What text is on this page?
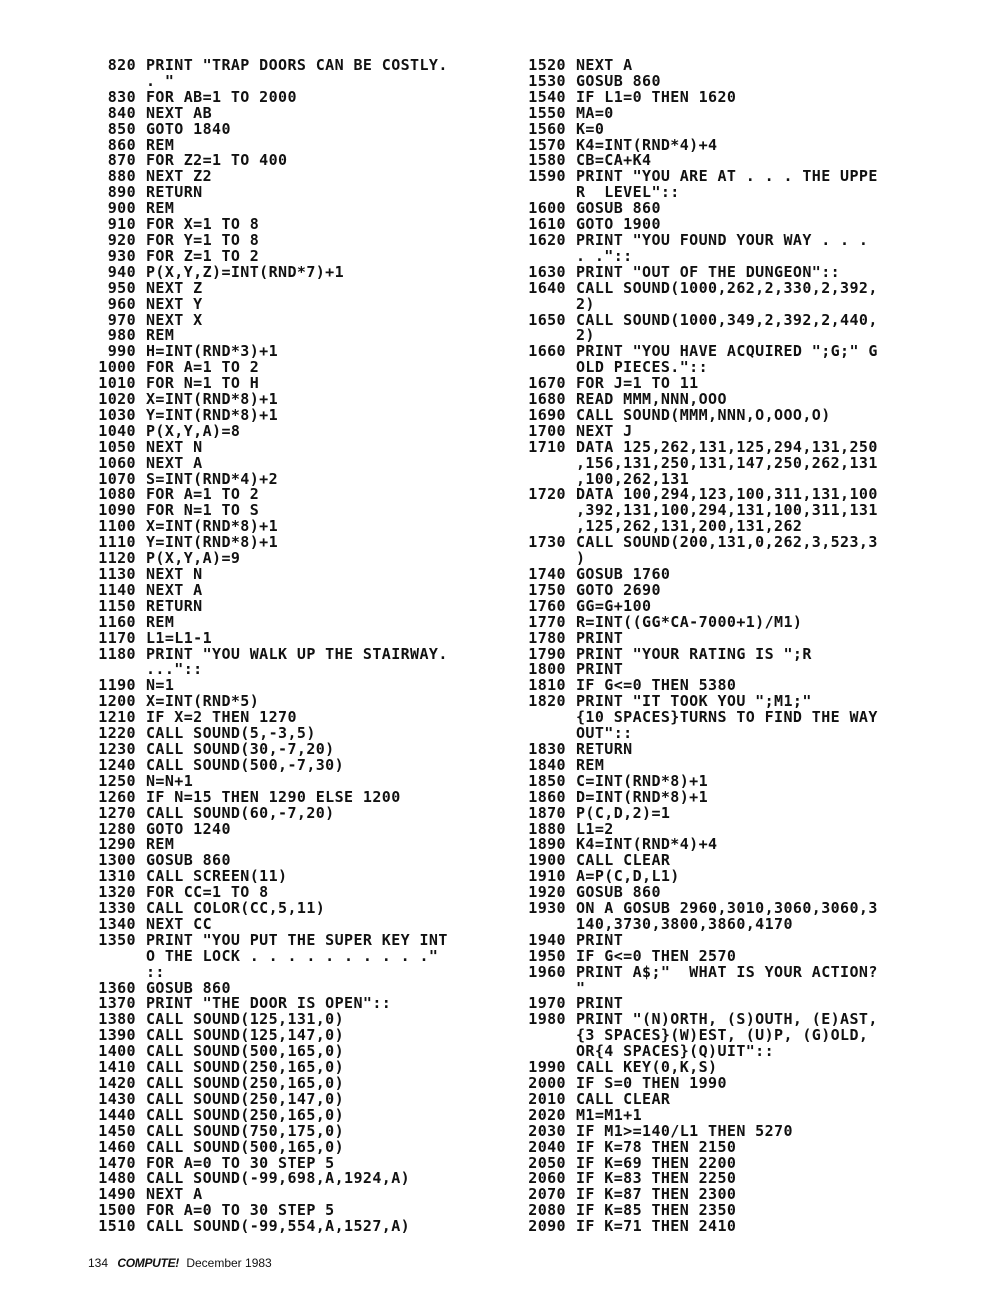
820 PRINT "TRAP DOORS CAN BE COSTLY.
. "
830 FOR AB=1 TO 2000
840 NEXT AB
850 GOTO 1840
860 REM
870 FOR Z2=1 TO 400
880 NEXT Z2
890 RETURN
900 REM
910 FOR X=1 TO 8
920 FOR Y=1 TO 8
930 FOR Z=1 TO 2
940 P(X,Y,Z)=INT(RND*7)+1
950 NEXT Z
960 NEXT Y
970 NEXT X
980 REM
990 H=INT(RND*3)+1
1000 FOR A=1 TO 2
1010 FOR N=1 TO H
1020 X=INT(RND*8)+1
1030 Y=INT(RND*8)+1
1040 P(X,Y,A)=8
1050 NEXT N
1060 NEXT A
1070 S=INT(RND*4)+2
1080 FOR A=1 TO 2
1090 FOR N=1 TO S
1100 X=INT(RND*8)+1
1110 Y=INT(RND*8)+1
1120 P(X,Y,A)=9
1130 NEXT N
1140 NEXT A
1150 RETURN
1160 REM
1170 L1=L1-1
1180 PRINT "YOU WALK UP THE STAIRWAY.
..."::
1190 N=1
1200 X=INT(RND*5)
1210 IF X=2 THEN 1270
1220 CALL SOUND(5,-3,5)
1230 CALL SOUND(30,-7,20)
1240 CALL SOUND(500,-7,30)
1250 N=N+1
1260 IF N=15 THEN 1290 ELSE 1200
1270 CALL SOUND(60,-7,20)
1280 GOTO 1240
1290 REM
1300 GOSUB 860
1310 CALL SCREEN(11)
1320 FOR CC=1 TO 8
1330 CALL COLOR(CC,5,11)
1340 NEXT CC
1350 PRINT "YOU PUT THE SUPER KEY INT
O THE LOCK . . . . . . . . . ."
::
1360 GOSUB 860
1370 PRINT "THE DOOR IS OPEN"::
1380 CALL SOUND(125,131,0)
1390 CALL SOUND(125,147,0)
1400 CALL SOUND(500,165,0)
1410 CALL SOUND(250,165,0)
1420 CALL SOUND(250,165,0)
1430 CALL SOUND(250,147,0)
1440 CALL SOUND(250,165,0)
1450 CALL SOUND(750,175,0)
1460 CALL SOUND(500,165,0)
1470 FOR A=0 TO 30 STEP 5
1480 CALL SOUND(-99,698,A,1924,A)
1490 NEXT A
1500 FOR A=0 TO 30 STEP 5
1510 CALL SOUND(-99,554,A,1527,A)
1520 NEXT A
1530 GOSUB 860
1540 IF L1=0 THEN 1620
1550 MA=0
1560 K=0
1570 K4=INT(RND*4)+4
1580 CB=CA+K4
1590 PRINT "YOU ARE AT . . . THE UPPE
R  LEVEL"::
1600 GOSUB 860
1610 GOTO 1900
1620 PRINT "YOU FOUND YOUR WAY . . .
. ."::
1630 PRINT "OUT OF THE DUNGEON"::
1640 CALL SOUND(1000,262,2,330,2,392,
2)
1650 CALL SOUND(1000,349,2,392,2,440,
2)
1660 PRINT "YOU HAVE ACQUIRED ";G;" G
OLD PIECES."::
1670 FOR J=1 TO 11
1680 READ MMM,NNN,OOO
1690 CALL SOUND(MMM,NNN,O,OOO,O)
1700 NEXT J
1710 DATA 125,262,131,125,294,131,250
,156,131,250,131,147,250,262,131
,100,262,131
1720 DATA 100,294,123,100,311,131,100
,392,131,100,294,131,100,311,131
,125,262,131,200,131,262
1730 CALL SOUND(200,131,0,262,3,523,3
)
1740 GOSUB 1760
1750 GOTO 2690
1760 GG=G+100
1770 R=INT((GG*CA-7000+1)/M1)
1780 PRINT
1790 PRINT "YOUR RATING IS ";R
1800 PRINT
1810 IF G<=0 THEN 5380
1820 PRINT "IT TOOK YOU ";M1;"
{10 SPACES}TURNS TO FIND THE WAY
OUT"::
1830 RETURN
1840 REM
1850 C=INT(RND*8)+1
1860 D=INT(RND*8)+1
1870 P(C,D,2)=1
1880 L1=2
1890 K4=INT(RND*4)+4
1900 CALL CLEAR
1910 A=P(C,D,L1)
1920 GOSUB 860
1930 ON A GOSUB 2960,3010,3060,3060,3
140,3730,3800,3860,4170
1940 PRINT
1950 IF G<=0 THEN 2570
1960 PRINT A$;"  WHAT IS YOUR ACTION?
"
1970 PRINT
1980 PRINT "(N)ORTH, (S)OUTH, (E)AST,
{3 SPACES}(W)EST, (U)P, (G)OLD,
OR{4 SPACES}(Q)UIT"::
1990 CALL KEY(0,K,S)
2000 IF S=0 THEN 1990
2010 CALL CLEAR
2020 M1=M1+1
2030 IF M1>=140/L1 THEN 5270
2040 IF K=78 THEN 2150
2050 IF K=69 THEN 2200
2060 IF K=83 THEN 2250
2070 IF K=87 THEN 2300
2080 IF K=85 THEN 2350
2090 IF K=71 THEN 2410
134 COMPUTE! December 1983
